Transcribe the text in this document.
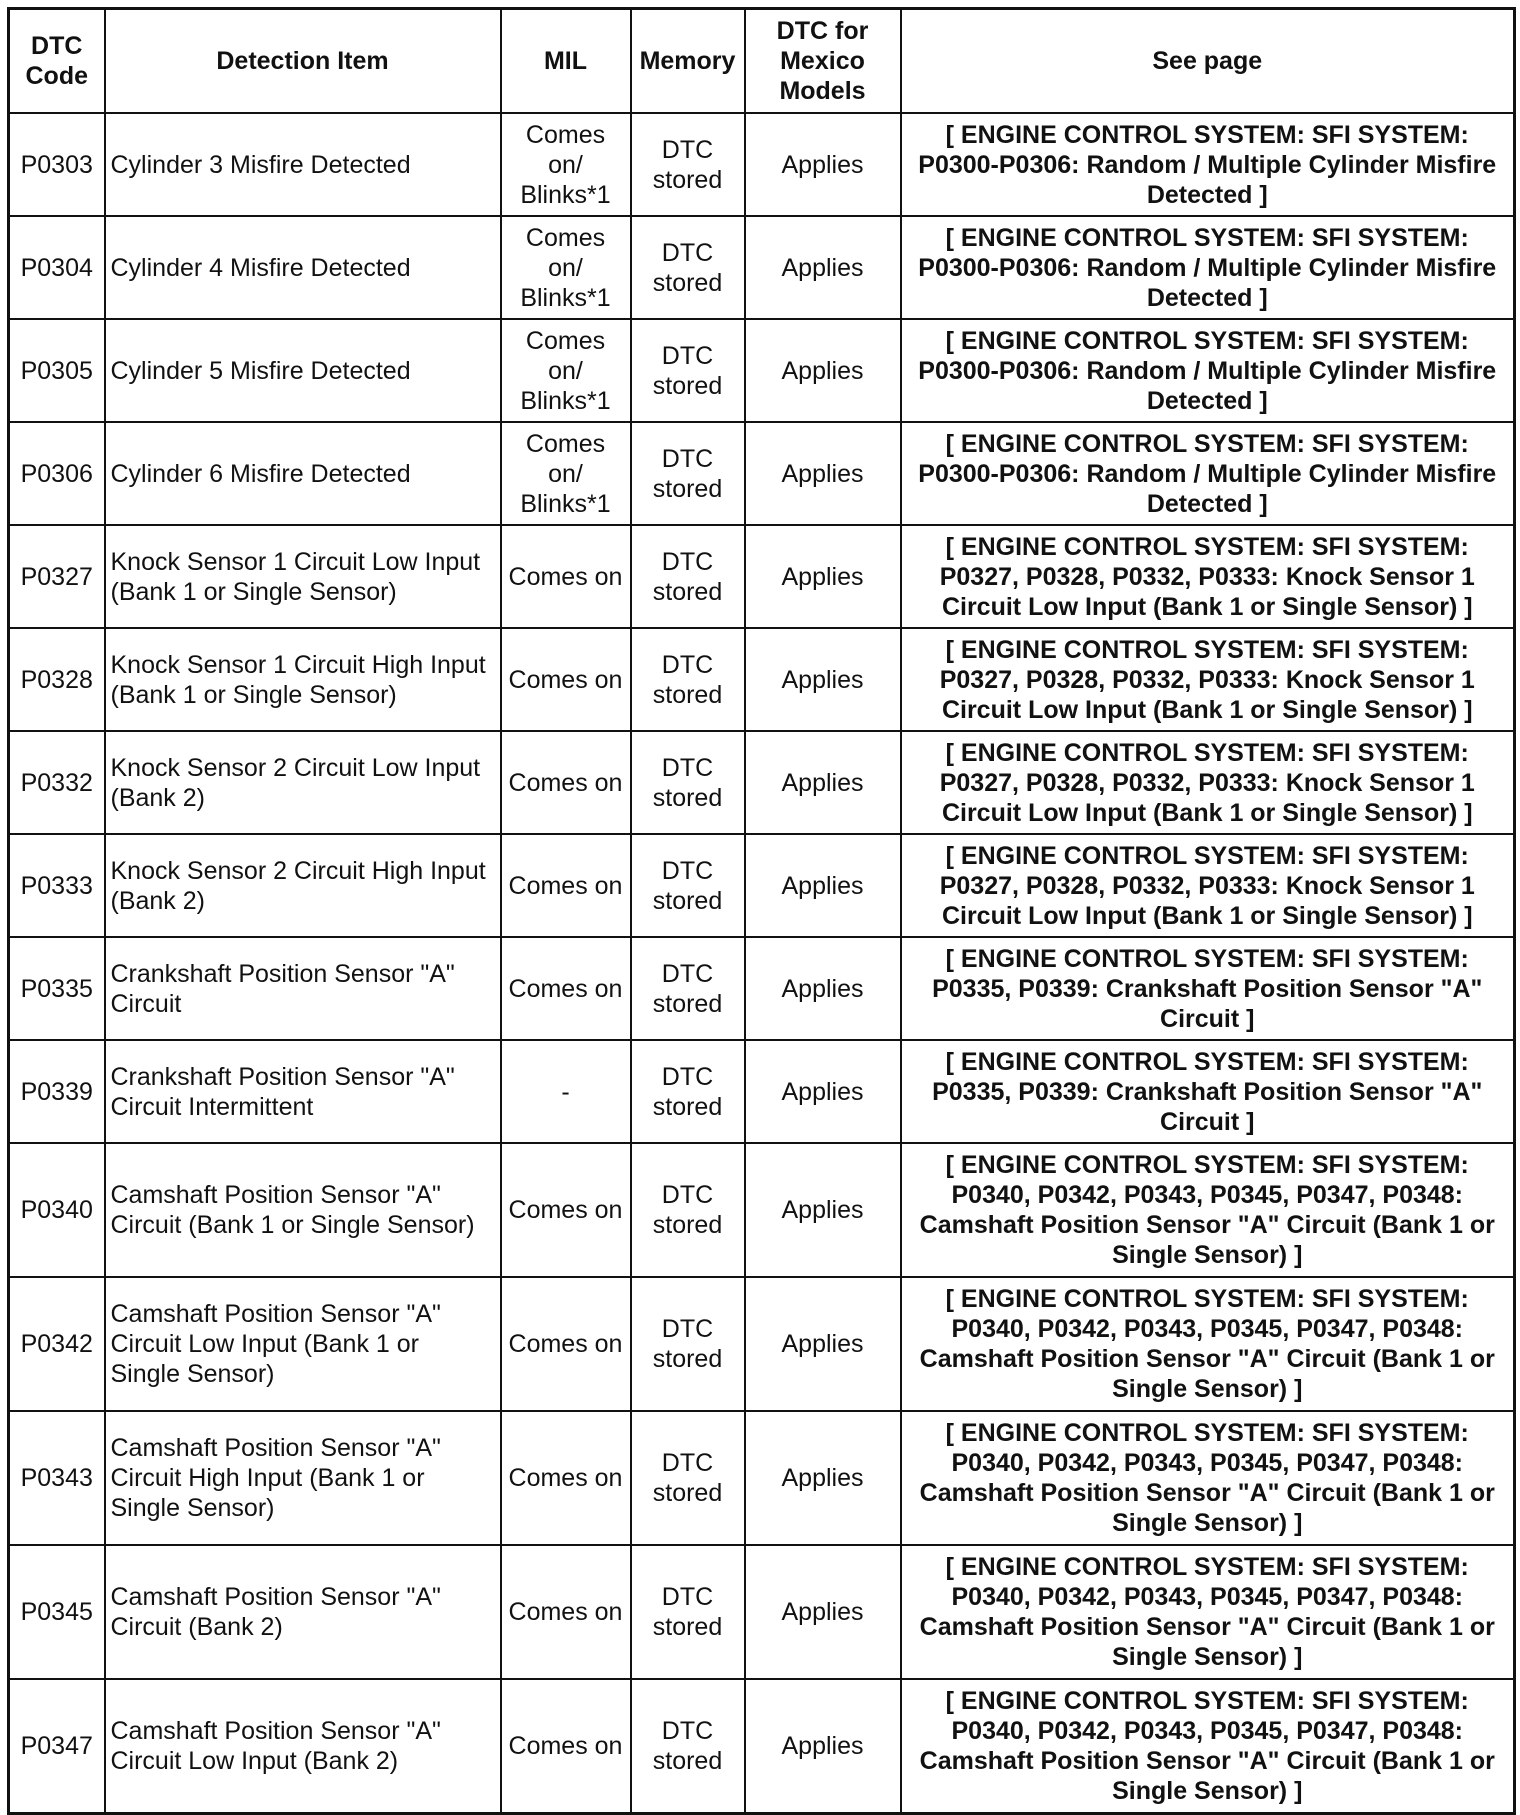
DTC Code	Detection Item	MIL	Memory	DTC for Mexico Models	See page
P0303	Cylinder 3 Misfire Detected	Comes on/ Blinks*1	DTC stored	Applies	[ ENGINE CONTROL SYSTEM: SFI SYSTEM: P0300-P0306: Random / Multiple Cylinder Misfire Detected ]
P0304	Cylinder 4 Misfire Detected	Comes on/ Blinks*1	DTC stored	Applies	[ ENGINE CONTROL SYSTEM: SFI SYSTEM: P0300-P0306: Random / Multiple Cylinder Misfire Detected ]
P0305	Cylinder 5 Misfire Detected	Comes on/ Blinks*1	DTC stored	Applies	[ ENGINE CONTROL SYSTEM: SFI SYSTEM: P0300-P0306: Random / Multiple Cylinder Misfire Detected ]
P0306	Cylinder 6 Misfire Detected	Comes on/ Blinks*1	DTC stored	Applies	[ ENGINE CONTROL SYSTEM: SFI SYSTEM: P0300-P0306: Random / Multiple Cylinder Misfire Detected ]
P0327	Knock Sensor 1 Circuit Low Input (Bank 1 or Single Sensor)	Comes on	DTC stored	Applies	[ ENGINE CONTROL SYSTEM: SFI SYSTEM: P0327, P0328, P0332, P0333: Knock Sensor 1 Circuit Low Input (Bank 1 or Single Sensor) ]
P0328	Knock Sensor 1 Circuit High Input (Bank 1 or Single Sensor)	Comes on	DTC stored	Applies	[ ENGINE CONTROL SYSTEM: SFI SYSTEM: P0327, P0328, P0332, P0333: Knock Sensor 1 Circuit Low Input (Bank 1 or Single Sensor) ]
P0332	Knock Sensor 2 Circuit Low Input (Bank 2)	Comes on	DTC stored	Applies	[ ENGINE CONTROL SYSTEM: SFI SYSTEM: P0327, P0328, P0332, P0333: Knock Sensor 1 Circuit Low Input (Bank 1 or Single Sensor) ]
P0333	Knock Sensor 2 Circuit High Input (Bank 2)	Comes on	DTC stored	Applies	[ ENGINE CONTROL SYSTEM: SFI SYSTEM: P0327, P0328, P0332, P0333: Knock Sensor 1 Circuit Low Input (Bank 1 or Single Sensor) ]
P0335	Crankshaft Position Sensor "A" Circuit	Comes on	DTC stored	Applies	[ ENGINE CONTROL SYSTEM: SFI SYSTEM: P0335, P0339: Crankshaft Position Sensor "A" Circuit ]
P0339	Crankshaft Position Sensor "A" Circuit Intermittent	-	DTC stored	Applies	[ ENGINE CONTROL SYSTEM: SFI SYSTEM: P0335, P0339: Crankshaft Position Sensor "A" Circuit ]
P0340	Camshaft Position Sensor "A" Circuit (Bank 1 or Single Sensor)	Comes on	DTC stored	Applies	[ ENGINE CONTROL SYSTEM: SFI SYSTEM: P0340, P0342, P0343, P0345, P0347, P0348: Camshaft Position Sensor "A" Circuit (Bank 1 or Single Sensor) ]
P0342	Camshaft Position Sensor "A" Circuit Low Input (Bank 1 or Single Sensor)	Comes on	DTC stored	Applies	[ ENGINE CONTROL SYSTEM: SFI SYSTEM: P0340, P0342, P0343, P0345, P0347, P0348: Camshaft Position Sensor "A" Circuit (Bank 1 or Single Sensor) ]
P0343	Camshaft Position Sensor "A" Circuit High Input (Bank 1 or Single Sensor)	Comes on	DTC stored	Applies	[ ENGINE CONTROL SYSTEM: SFI SYSTEM: P0340, P0342, P0343, P0345, P0347, P0348: Camshaft Position Sensor "A" Circuit (Bank 1 or Single Sensor) ]
P0345	Camshaft Position Sensor "A" Circuit (Bank 2)	Comes on	DTC stored	Applies	[ ENGINE CONTROL SYSTEM: SFI SYSTEM: P0340, P0342, P0343, P0345, P0347, P0348: Camshaft Position Sensor "A" Circuit (Bank 1 or Single Sensor) ]
P0347	Camshaft Position Sensor "A" Circuit Low Input (Bank 2)	Comes on	DTC stored	Applies	[ ENGINE CONTROL SYSTEM: SFI SYSTEM: P0340, P0342, P0343, P0345, P0347, P0348: Camshaft Position Sensor "A" Circuit (Bank 1 or Single Sensor) ]
